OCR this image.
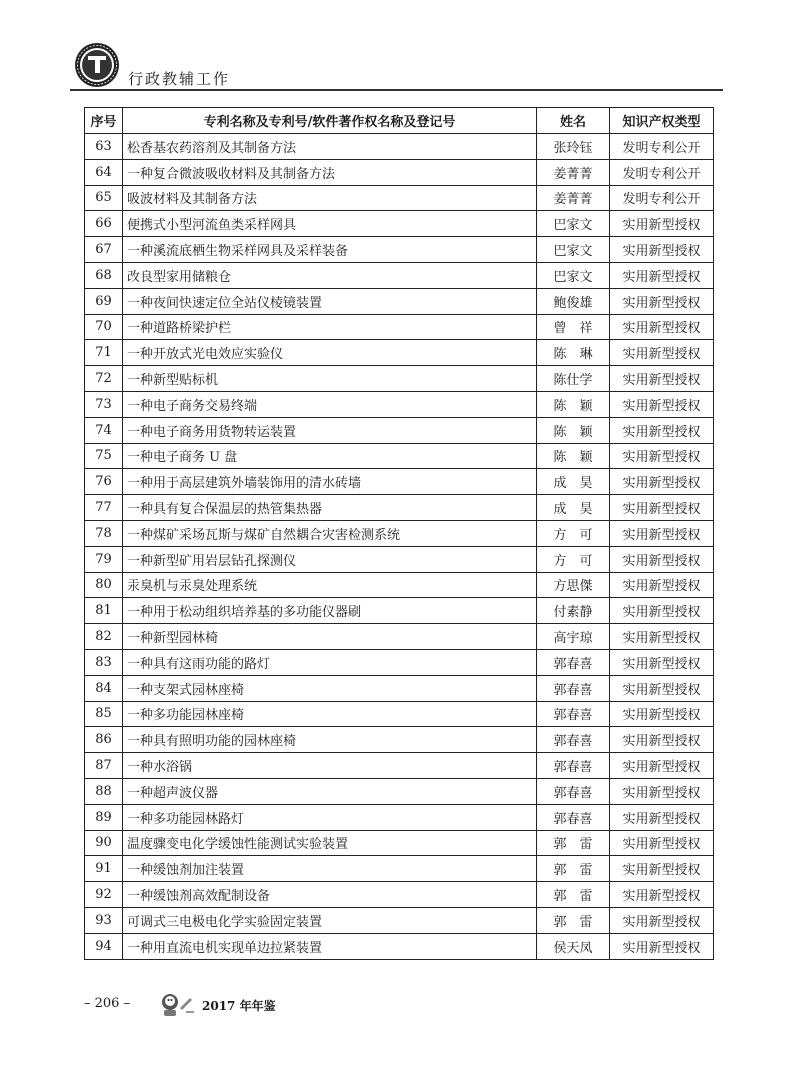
行政教辅工作
序号	专利名称及专利号/软件著作权名称及登记号	姓名	知识产权类型
63	松香基农药溶剂及其制备方法	张玲钰	发明专利公开
64	一种复合微波吸收材料及其制备方法	姜菁菁	发明专利公开
65	吸波材料及其制备方法	姜菁菁	发明专利公开
66	便携式小型河流鱼类采样网具	巴家文	实用新型授权
67	一种溪流底栖生物采样网具及采样装备	巴家文	实用新型授权
68	改良型家用储粮仓	巴家文	实用新型授权
69	一种夜间快速定位全站仪棱镜装置	鲍俊雄	实用新型授权
70	一种道路桥梁护栏	曾　祥	实用新型授权
71	一种开放式光电效应实验仪	陈　琳	实用新型授权
72	一种新型贴标机	陈仕学	实用新型授权
73	一种电子商务交易终端	陈　颖	实用新型授权
74	一种电子商务用货物转运装置	陈　颖	实用新型授权
75	一种电子商务 U 盘	陈　颖	实用新型授权
76	一种用于高层建筑外墙装饰用的清水砖墙	成　昊	实用新型授权
77	一种具有复合保温层的热管集热器	成　昊	实用新型授权
78	一种煤矿采场瓦斯与煤矿自然耦合灾害检测系统	方　可	实用新型授权
79	一种新型矿用岩层钻孔探测仪	方　可	实用新型授权
80	汞臭机与汞臭处理系统	方思傑	实用新型授权
81	一种用于松动组织培养基的多功能仪器刷	付素静	实用新型授权
82	一种新型园林椅	高宇琼	实用新型授权
83	一种具有这雨功能的路灯	郭春喜	实用新型授权
84	一种支架式园林座椅	郭春喜	实用新型授权
85	一种多功能园林座椅	郭春喜	实用新型授权
86	一种具有照明功能的园林座椅	郭春喜	实用新型授权
87	一种水浴锅	郭春喜	实用新型授权
88	一种超声波仪器	郭春喜	实用新型授权
89	一种多功能园林路灯	郭春喜	实用新型授权
90	温度骤变电化学缓蚀性能测试实验装置	郭　雷	实用新型授权
91	一种缓蚀剂加注装置	郭　雷	实用新型授权
92	一种缓蚀剂高效配制设备	郭　雷	实用新型授权
93	可调式三电极电化学实验固定装置	郭　雷	实用新型授权
94	一种用直流电机实现单边拉紧装置	侯天凤	实用新型授权
– 206 –	2017 年年鉴
